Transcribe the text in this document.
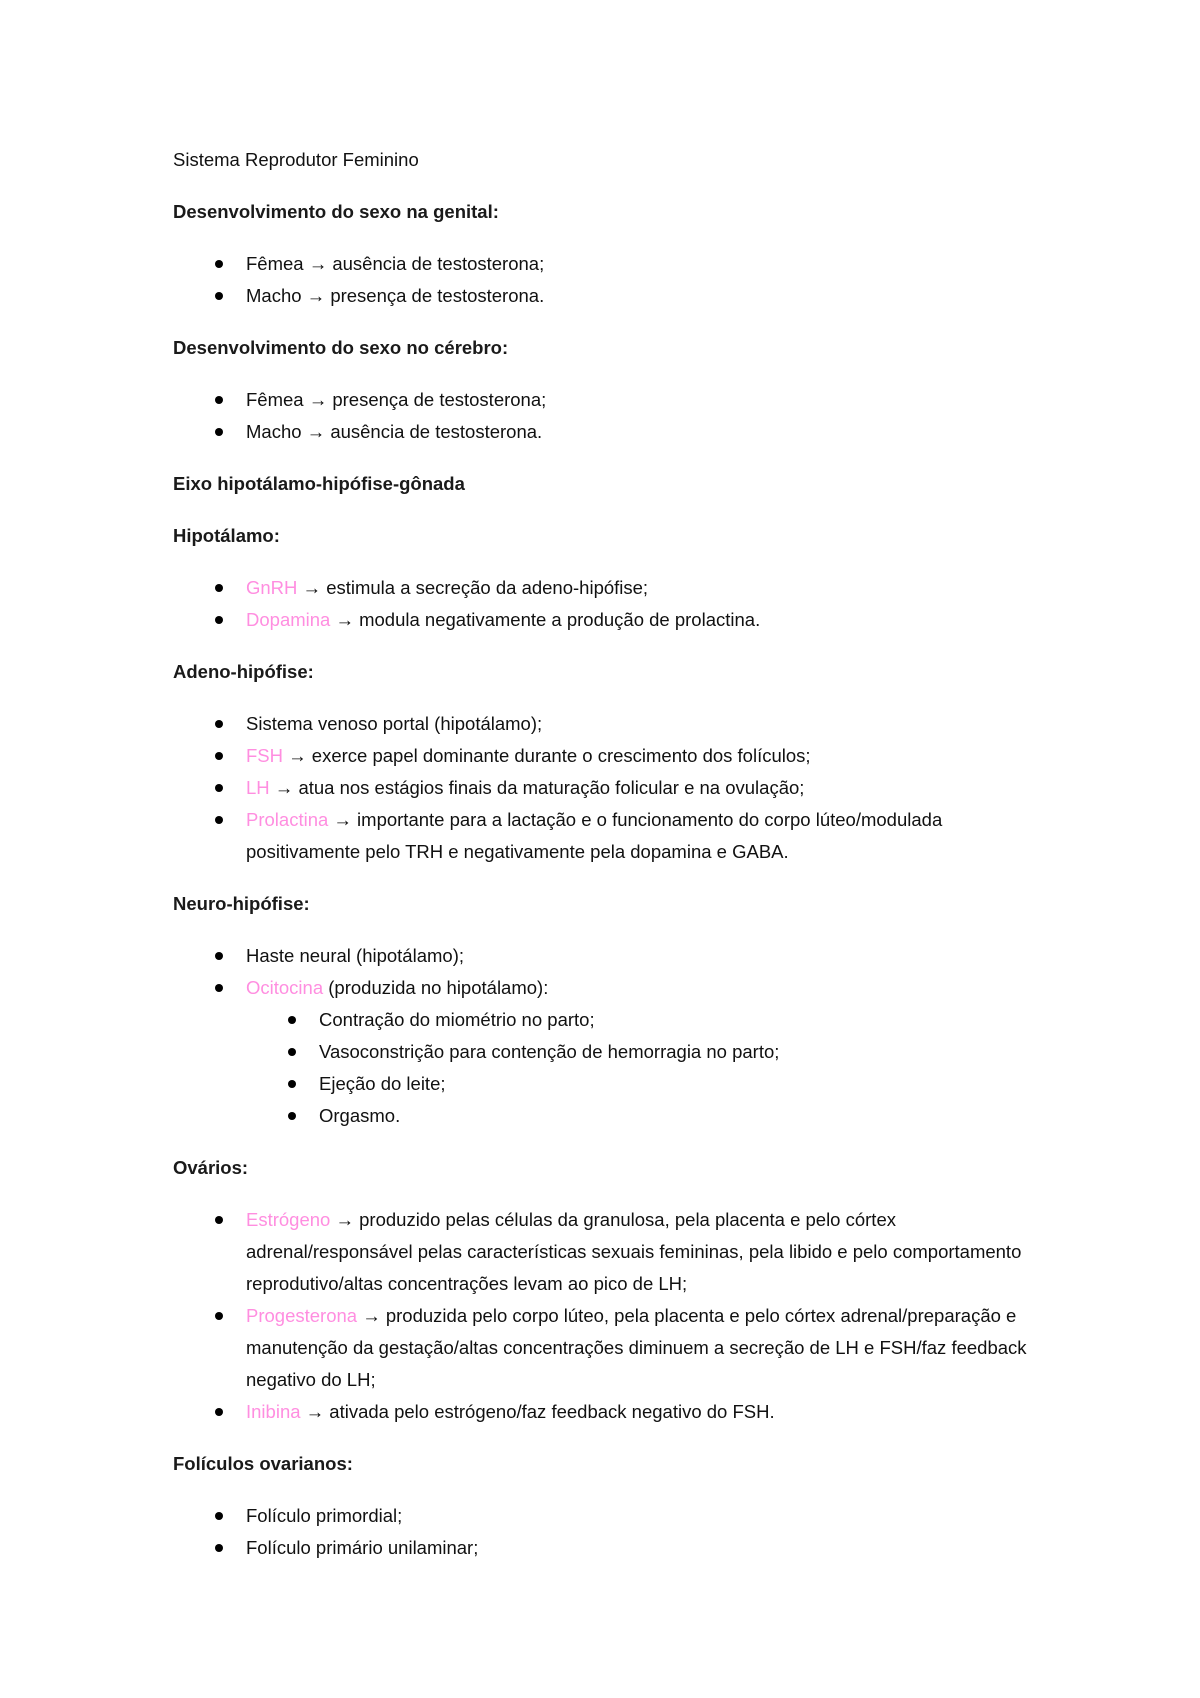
Sistema Reprodutor Feminino

Desenvolvimento do sexo na genital:

Fêmea → ausência de testosterona;
Macho → presença de testosterona.

Desenvolvimento do sexo no cérebro:

Fêmea → presença de testosterona;
Macho → ausência de testosterona.

Eixo hipotálamo-hipófise-gônada

Hipotálamo:

GnRH → estimula a secreção da adeno-hipófise;
Dopamina → modula negativamente a produção de prolactina.

Adeno-hipófise:

Sistema venoso portal (hipotálamo);
FSH → exerce papel dominante durante o crescimento dos folículos;
LH → atua nos estágios finais da maturação folicular e na ovulação;
Prolactina → importante para a lactação e o funcionamento do corpo lúteo/modulada positivamente pelo TRH e negativamente pela dopamina e GABA.

Neuro-hipófise:

Haste neural (hipotálamo);
Ocitocina (produzida no hipotálamo):
Contração do miométrio no parto;
Vasoconstrição para contenção de hemorragia no parto;
Ejeção do leite;
Orgasmo.

Ovários:

Estrógeno → produzido pelas células da granulosa, pela placenta e pelo córtex adrenal/responsável pelas características sexuais femininas, pela libido e pelo comportamento reprodutivo/altas concentrações levam ao pico de LH;
Progesterona → produzida pelo corpo lúteo, pela placenta e pelo córtex adrenal/preparação e manutenção da gestação/altas concentrações diminuem a secreção de LH e FSH/faz feedback negativo do LH;
Inibina → ativada pelo estrógeno/faz feedback negativo do FSH.

Folículos ovarianos:

Folículo primordial;
Folículo primário unilaminar;
